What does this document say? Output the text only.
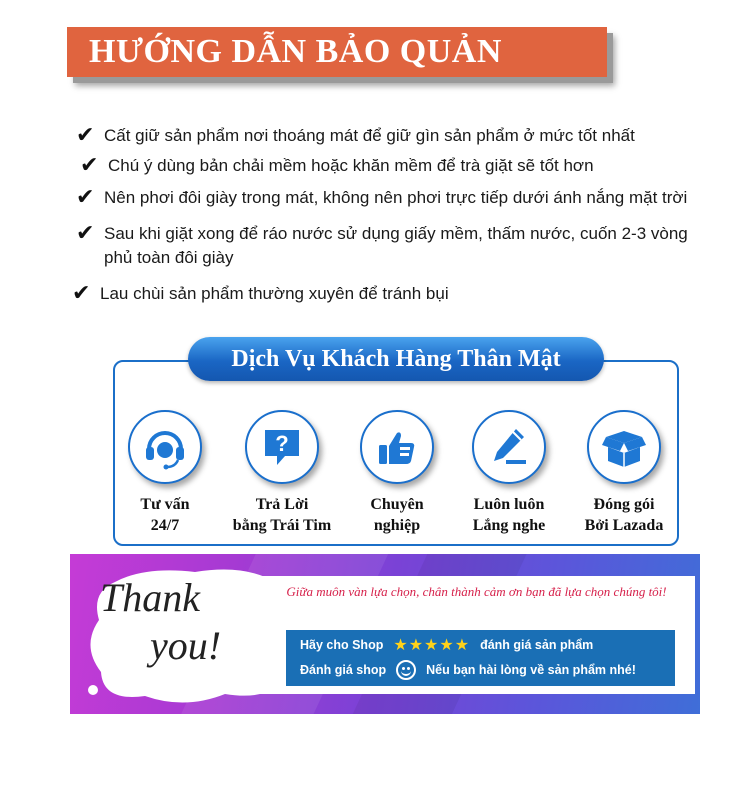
HƯỚNG DẪN BẢO QUẢN
✔ Cất giữ sản phẩm nơi thoáng mát để giữ gìn sản phẩm ở mức tốt nhất
✔ Chú ý dùng bản chải mềm hoặc khăn mềm để trà giặt sẽ tốt hơn
✔ Nên phơi đôi giày trong mát, không nên phơi trực tiếp dưới ánh nắng mặt trời
✔ Sau khi giặt xong để ráo nước sử dụng giấy mềm, thấm nước, cuốn 2-3 vòng phủ toàn đôi giày
✔ Lau chùi sản phẩm thường xuyên để tránh bụi
Dịch Vụ Khách Hàng Thân Mật
Tư vấn
24/7
?
Trả Lời
bằng Trái Tim
Chuyên
nghiệp
Luôn luôn
Lắng nghe
Đóng gói
Bởi Lazada
Thank
you!
Giữa muôn vàn lựa chọn, chân thành cảm ơn bạn đã lựa chọn chúng tôi!
Hãy cho Shop ★★★★★ đánh giá sản phẩm
Đánh giá shop	Nếu bạn hài lòng về sản phẩm nhé!
